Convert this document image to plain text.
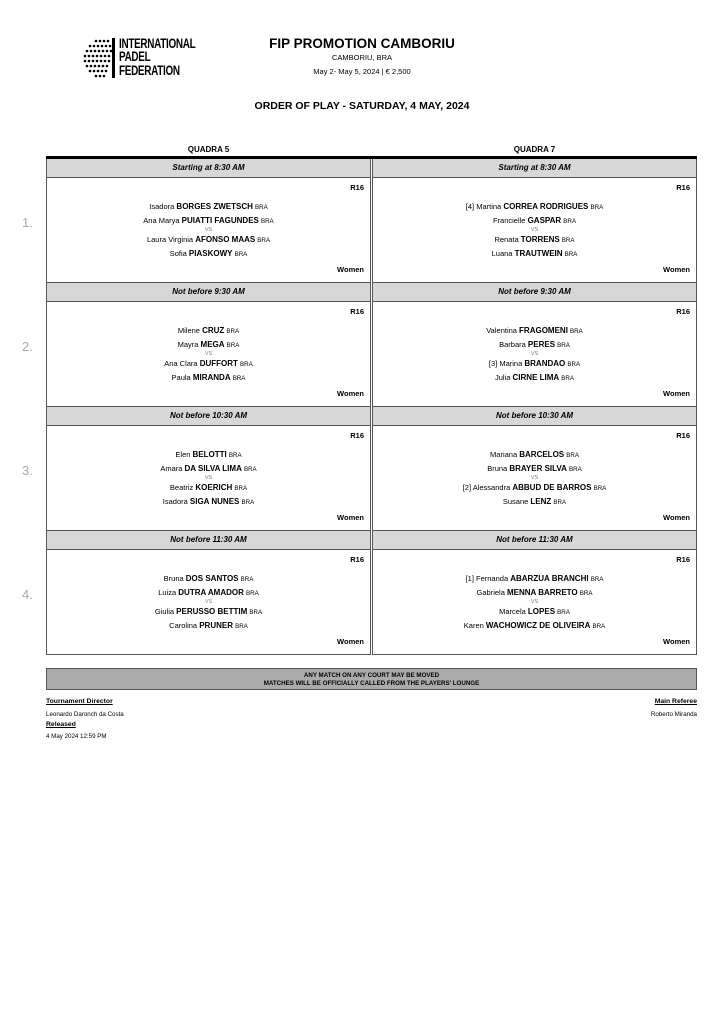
INTERNATIONAL
PADEL
FEDERATION
FIP PROMOTION CAMBORIU
CAMBORIU, BRA
May 2- May 5, 2024 | € 2,500
ORDER OF PLAY - SATURDAY, 4 MAY, 2024
QUADRA 5	QUADRA 7
Starting at 8:30 AM
R16
Isadora BORGES ZWETSCH BRA
Ana Marya PUIATTI FAGUNDES BRA
VS
Laura Virginia AFONSO MAAS BRA
Sofia PIASKOWY BRA
Women
Starting at 8:30 AM
R16
[4] Martina CORREA RODRIGUES BRA
Francielle GASPAR BRA
VS
Renata TORRENS BRA
Luana TRAUTWEIN BRA
Women
Not before 9:30 AM
R16
Milene CRUZ BRA
Mayra MEGA BRA
VS
Ana Clara DUFFORT BRA
Paula MIRANDA BRA
Women
Not before 9:30 AM
R16
Valentina FRAGOMENI BRA
Barbara PERES BRA
VS
[3] Marina BRANDAO BRA
Julia CIRNE LIMA BRA
Women
Not before 10:30 AM
R16
Elen BELOTTI BRA
Amara DA SILVA LIMA BRA
VS
Beatriz KOERICH BRA
Isadora SIGA NUNES BRA
Women
Not before 10:30 AM
R16
Mariana BARCELOS BRA
Bruna BRAYER SILVA BRA
VS
[2] Alessandra ABBUD DE BARROS BRA
Susane LENZ BRA
Women
Not before 11:30 AM
R16
Bruna DOS SANTOS BRA
Luiza DUTRA AMADOR BRA
VS
Giulia PERUSSO BETTIM BRA
Carolina PRUNER BRA
Women
Not before 11:30 AM
R16
[1] Fernanda ABARZUA BRANCHI BRA
Gabriela MENNA BARRETO BRA
VS
Marcela LOPES BRA
Karen WACHOWICZ DE OLIVEIRA BRA
Women
1.
2.
3.
4.
ANY MATCH ON ANY COURT MAY BE MOVED
MATCHES WILL BE OFFICIALLY CALLED FROM THE PLAYERS' LOUNGE
Tournament Director
Leonardo Daronch da Costa
Released
4 May 2024 12:59 PM
Main Referee
Roberto Miranda
